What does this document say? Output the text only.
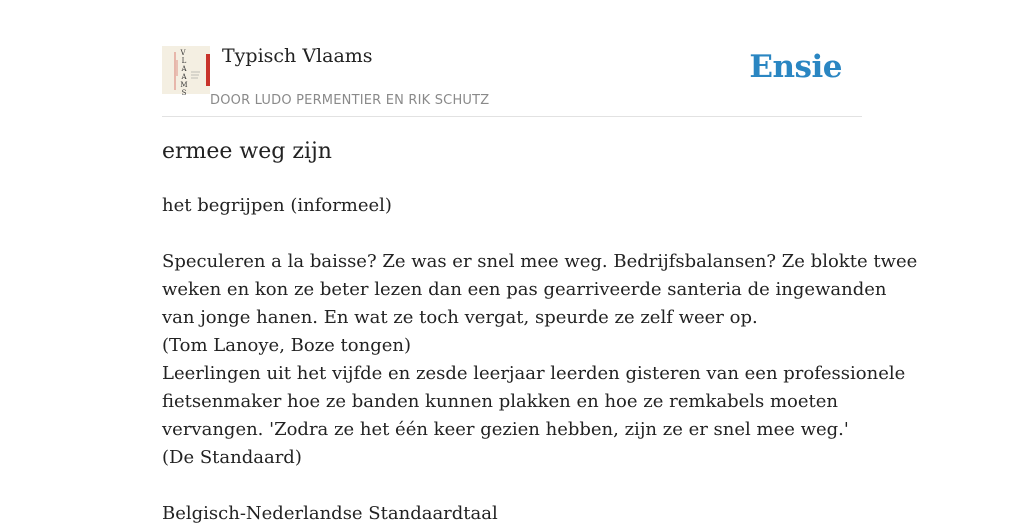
V
L
A
A
M
S
Typisch Vlaams
DOOR LUDO PERMENTIER EN RIK SCHUTZ
Ensie
ermee weg zijn

het begrijpen (informeel)

Speculeren a la baisse? Ze was er snel mee weg. Bedrijfsbalansen? Ze blokte twee

weken en kon ze beter lezen dan een pas gearriveerde santeria de ingewanden

van jonge hanen. En wat ze toch vergat, speurde ze zelf weer op.

(Tom Lanoye, Boze tongen)

Leerlingen uit het vijfde en zesde leerjaar leerden gisteren van een professionele

fietsenmaker hoe ze banden kunnen plakken en hoe ze remkabels moeten

vervangen. 'Zodra ze het één keer gezien hebben, zijn ze er snel mee weg.'

(De Standaard)

Belgisch-Nederlandse Standaardtaal
